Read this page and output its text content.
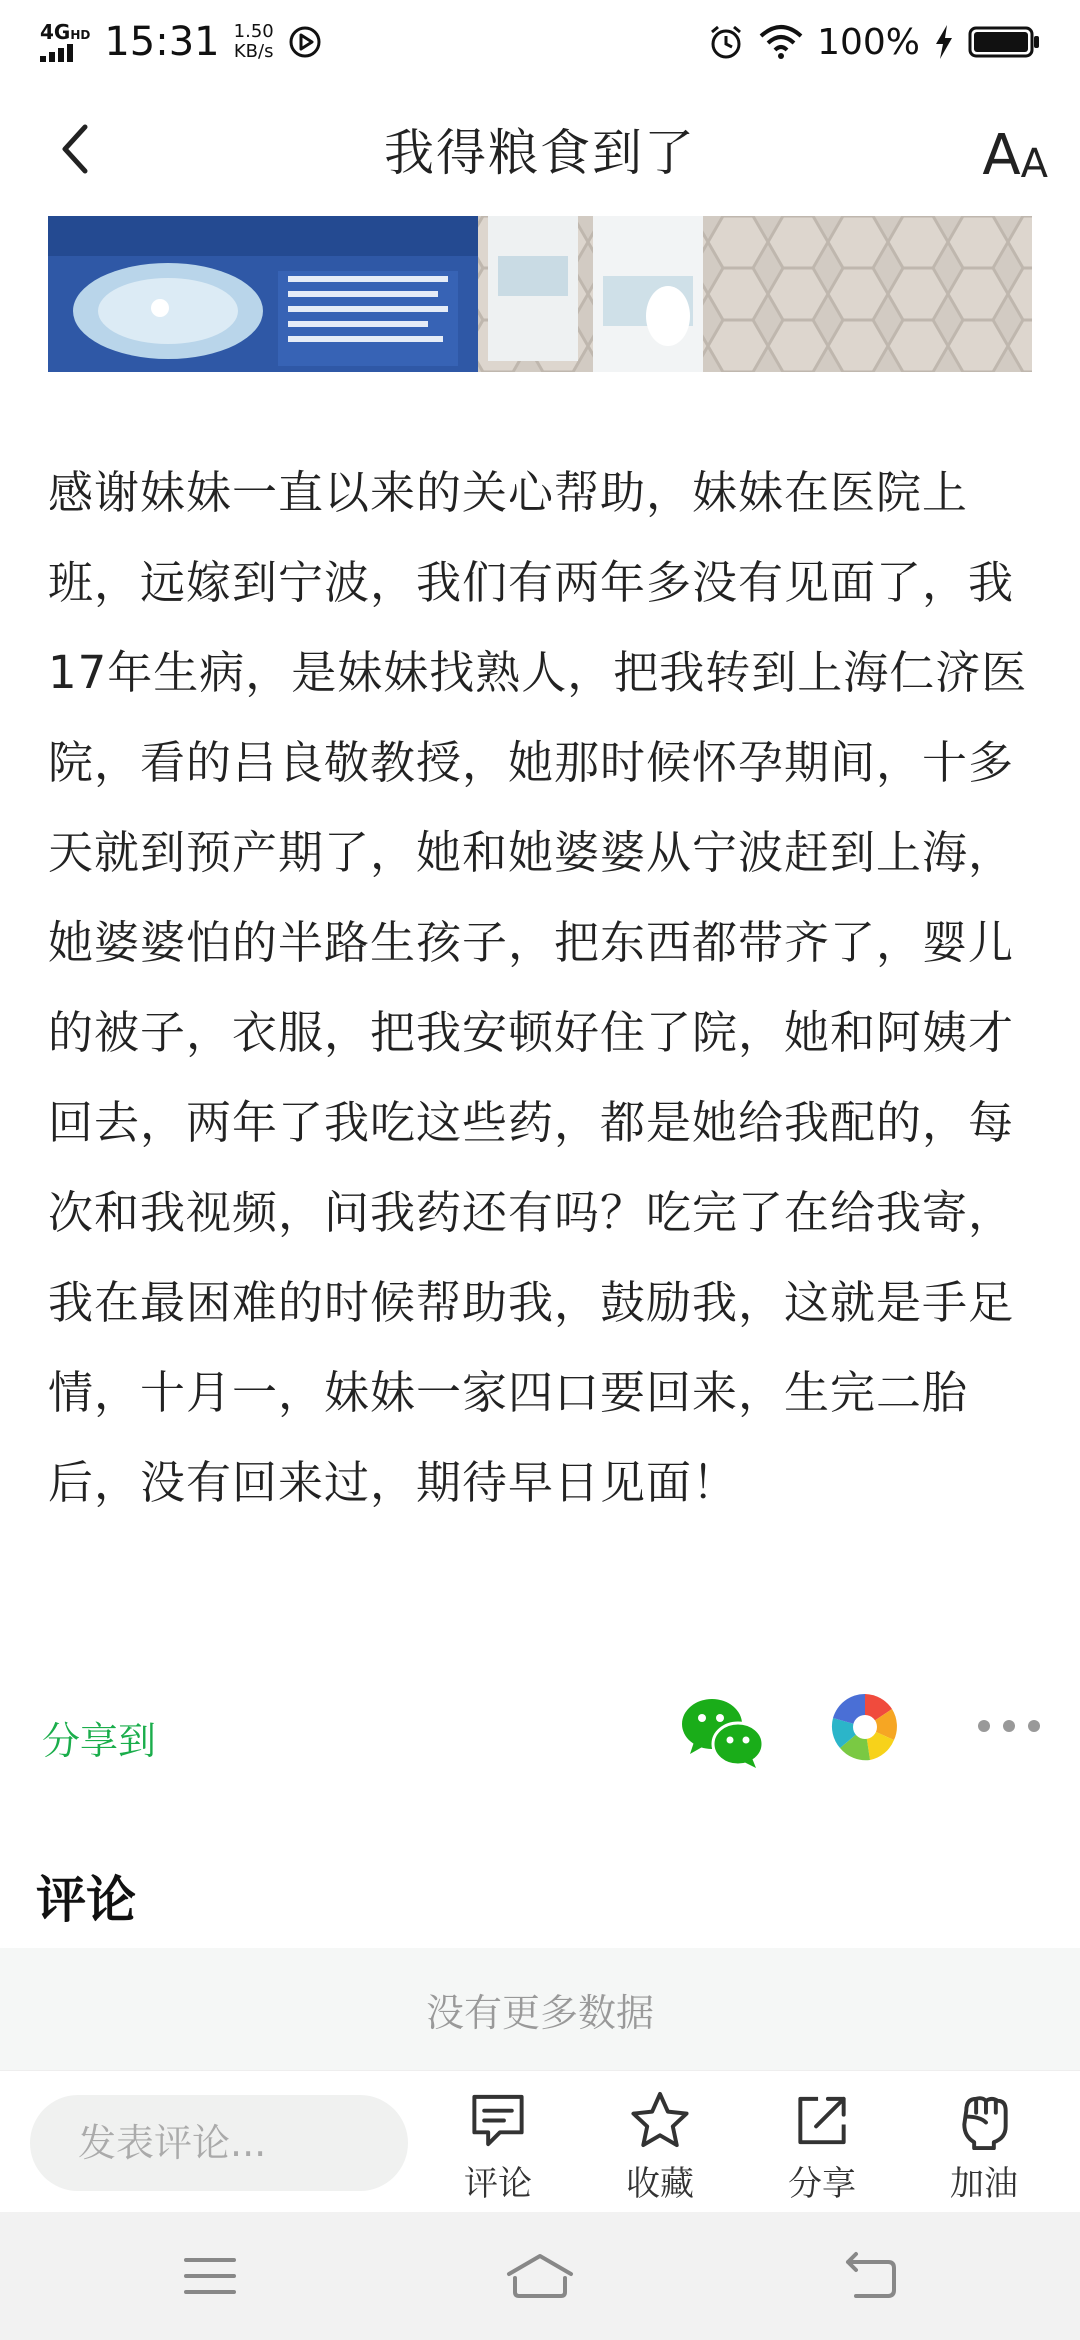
4GHD 15:31 1.50
KB/s	100%
我得粮食到了	A A

感谢妹妹一直以来的关心帮助，妹妹在医院上班，远嫁到宁波，我们有两年多没有见面了，我17年生病，是妹妹找熟人，把我转到上海仁济医院，看的吕良敬教授，她那时候怀孕期间，十多天就到预产期了，她和她婆婆从宁波赶到上海，她婆婆怕的半路生孩子，把东西都带齐了，婴儿的被子，衣服，把我安顿好住了院，她和阿姨才回去，两年了我吃这些药，都是她给我配的，每次和我视频，问我药还有吗？吃完了在给我寄，我在最困难的时候帮助我，鼓励我，这就是手足情，十月一，妹妹一家四口要回来，生完二胎后，没有回来过，期待早日见面！

分享到
评论
没有更多数据
发表评论...
评论	收藏	分享	加油
